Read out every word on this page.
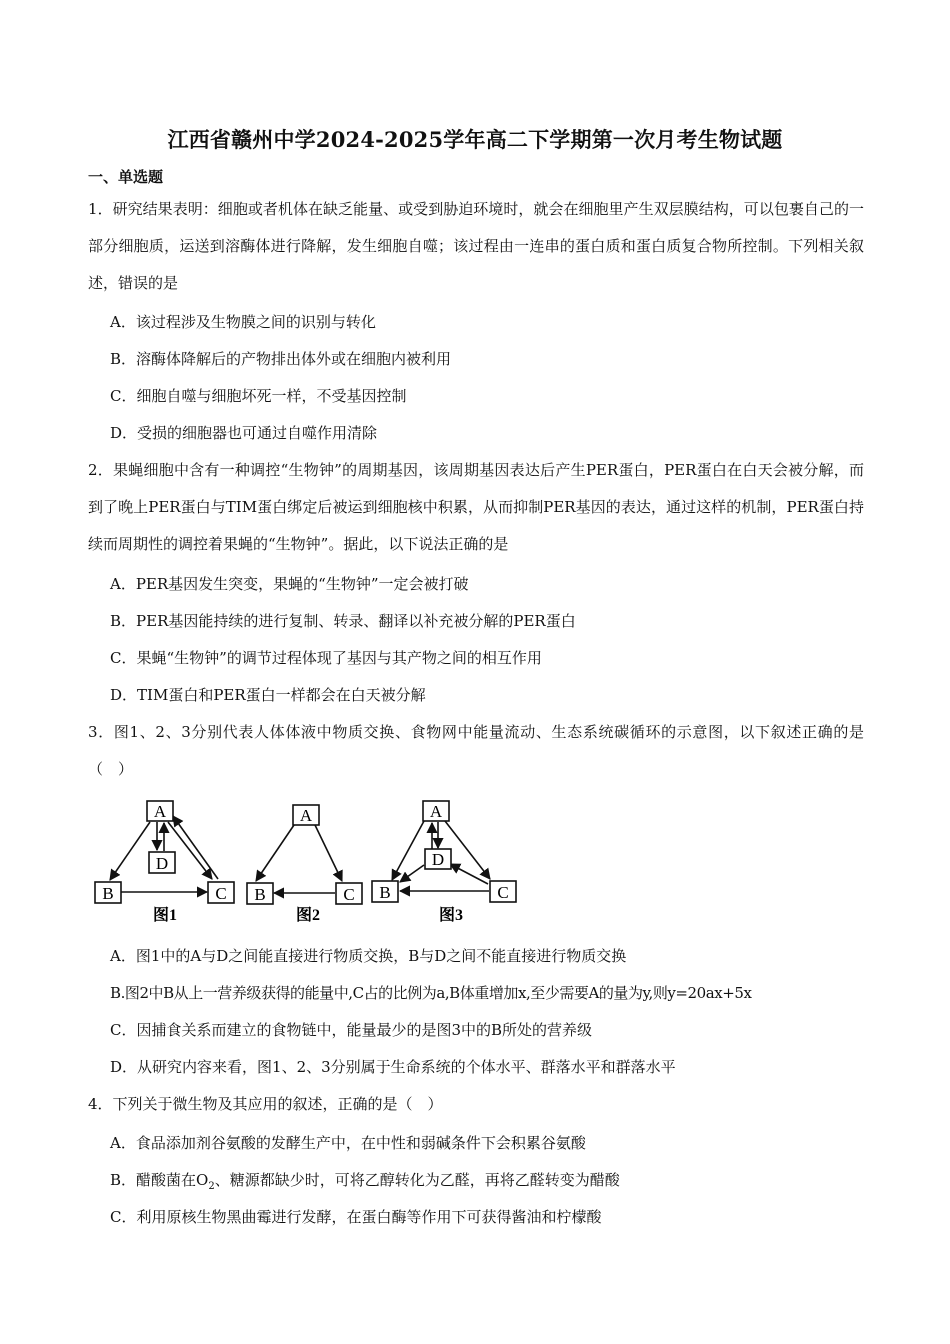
江西省赣州中学2024-2025学年高二下学期第一次月考生物试题
一、单选题
1．研究结果表明：细胞或者机体在缺乏能量、或受到胁迫环境时，就会在细胞里产生双层膜结构，可以包裹自己的一部分细胞质，运送到溶酶体进行降解，发生细胞自噬；该过程由一连串的蛋白质和蛋白质复合物所控制。下列相关叙述，错误的是
A．该过程涉及生物膜之间的识别与转化
B．溶酶体降解后的产物排出体外或在细胞内被利用
C．细胞自噬与细胞坏死一样，不受基因控制
D．受损的细胞器也可通过自噬作用清除
2．果蝇细胞中含有一种调控“生物钟”的周期基因，该周期基因表达后产生PER蛋白，PER蛋白在白天会被分解，而到了晚上PER蛋白与TIM蛋白绑定后被运到细胞核中积累，从而抑制PER基因的表达，通过这样的机制，PER蛋白持续而周期性的调控着果蝇的“生物钟”。据此，以下说法正确的是
A．PER基因发生突变，果蝇的“生物钟”一定会被打破
B．PER基因能持续的进行复制、转录、翻译以补充被分解的PER蛋白
C．果蝇“生物钟”的调节过程体现了基因与其产物之间的相互作用
D．TIM蛋白和PER蛋白一样都会在白天被分解
3．图1、2、3分别代表人体体液中物质交换、食物网中能量流动、生态系统碳循环的示意图，以下叙述正确的是（　）
A
D
B	C
图1
A
B	C
图2
A
D
B	C
图3
A．图1中的A与D之间能直接进行物质交换，B与D之间不能直接进行物质交换
B.图2中B从上一营养级获得的能量中,C占的比例为a,B体重增加x,至少需要A的量为y,则y=20ax+5x
C．因捕食关系而建立的食物链中，能量最少的是图3中的B所处的营养级
D．从研究内容来看，图1、2、3分别属于生命系统的个体水平、群落水平和群落水平
4．下列关于微生物及其应用的叙述，正确的是（　）
A．食品添加剂谷氨酸的发酵生产中，在中性和弱碱条件下会积累谷氨酸
B．醋酸菌在$O_2$、糖源都缺少时，可将乙醇转化为乙醛，再将乙醛转变为醋酸
C．利用原核生物黑曲霉进行发酵，在蛋白酶等作用下可获得酱油和柠檬酸
